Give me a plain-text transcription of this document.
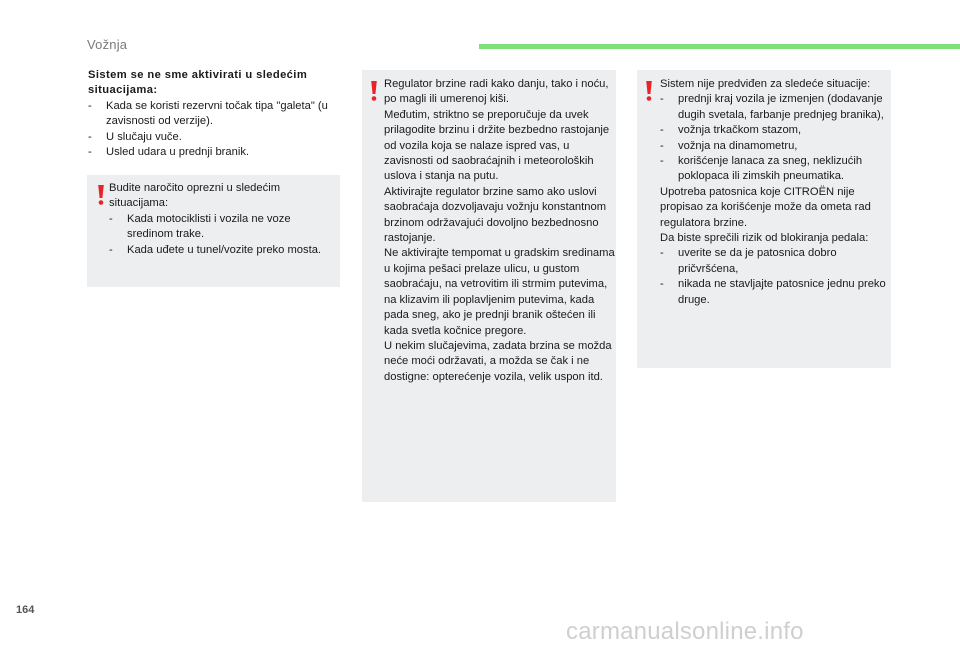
Vožnja
Sistem se ne sme aktivirati u sledećim
situacijama:
- Kada se koristi rezervni točak tipa "galeta" (u zavisnosti od verzije).
- U slučaju vuče.
- Usled udara u prednji branik.

Budite naročito oprezni u sledećim situacijama:

- Kada motociklisti i vozila ne voze sredinom trake.
- Kada uđete u tunel/vozite preko mosta.

Regulator brzine radi kako danju, tako i noću, po magli ili umerenoj kiši.

Međutim, striktno se preporučuje da uvek prilagodite brzinu i držite bezbedno rastojanje od vozila koja se nalaze ispred vas, u zavisnosti od saobraćajnih i meteoroloških uslova i stanja na putu.

Aktivirajte regulator brzine samo ako uslovi saobraćaja dozvoljavaju vožnju konstantnom brzinom održavajući dovoljno bezbednosno rastojanje.

Ne aktivirajte tempomat u gradskim sredinama u kojima pešaci prelaze ulicu, u gustom saobraćaju, na vetrovitim ili strmim putevima, na klizavim ili poplavljenim putevima, kada pada sneg, ako je prednji branik oštećen ili kada svetla kočnice pregore.

U nekim slučajevima, zadata brzina se možda neće moći održavati, a možda se čak i ne dostigne: opterećenje vozila, velik uspon itd.

Sistem nije predviđen za sledeće situacije:

- prednji kraj vozila je izmenjen (dodavanje dugih svetala, farbanje prednjeg branika),
- vožnja trkačkom stazom,
- vožnja na dinamometru,
- korišćenje lanaca za sneg, neklizućih poklopaca ili zimskih pneumatika.

Upotreba patosnica koje CITROËN nije propisao za korišćenje može da ometa rad regulatora brzine.

Da biste sprečili rizik od blokiranja pedala:

- uverite se da je patosnica dobro pričvršćena,
- nikada ne stavljajte patosnice jednu preko druge.
164
carmanualsonline.info
